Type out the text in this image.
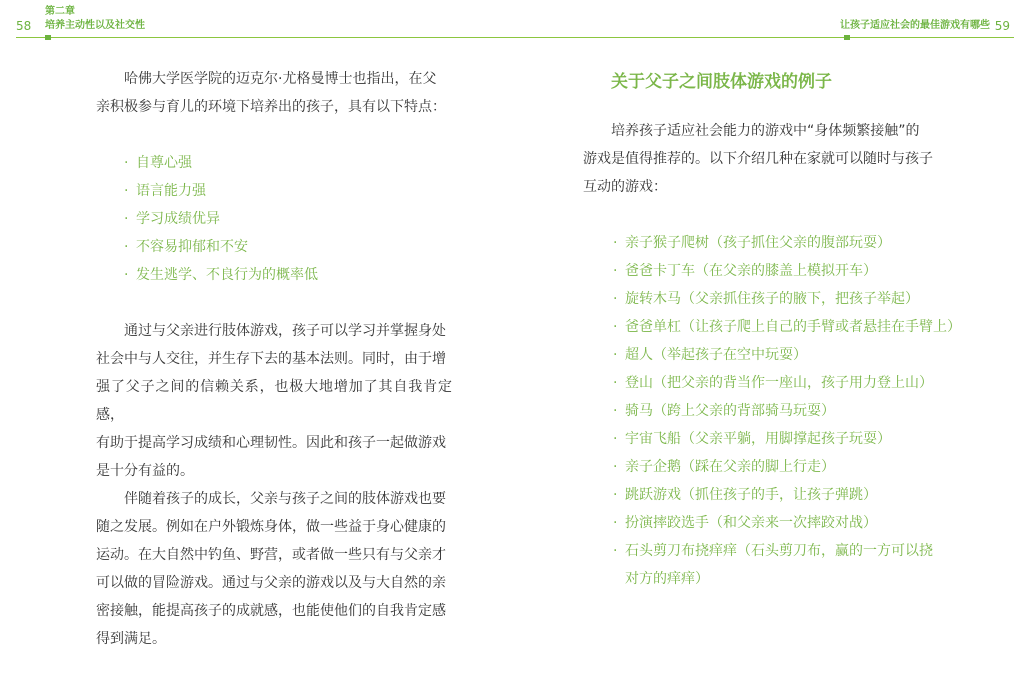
58
第二章
培养主动性以及社交性	让孩子适应社会的最佳游戏有哪些 59

哈佛大学医学院的迈克尔·尤格曼博士也指出，在父
亲积极参与育儿的环境下培养出的孩子，具有以下特点：

· 自尊心强
· 语言能力强
· 学习成绩优异
· 不容易抑郁和不安
· 发生逃学、不良行为的概率低

通过与父亲进行肢体游戏，孩子可以学习并掌握身处
社会中与人交往，并生存下去的基本法则。同时，由于增
强了父子之间的信赖关系，也极大地增加了其自我肯定感，
有助于提高学习成绩和心理韧性。因此和孩子一起做游戏
是十分有益的。

伴随着孩子的成长，父亲与孩子之间的肢体游戏也要
随之发展。例如在户外锻炼身体，做一些益于身心健康的
运动。在大自然中钓鱼、野营，或者做一些只有与父亲才
可以做的冒险游戏。通过与父亲的游戏以及与大自然的亲
密接触，能提高孩子的成就感，也能使他们的自我肯定感
得到满足。

关于父子之间肢体游戏的例子

培养孩子适应社会能力的游戏中“身体频繁接触”的
游戏是值得推荐的。以下介绍几种在家就可以随时与孩子
互动的游戏：

· 亲子猴子爬树（孩子抓住父亲的腹部玩耍）
· 爸爸卡丁车（在父亲的膝盖上模拟开车）
· 旋转木马（父亲抓住孩子的腋下，把孩子举起）
· 爸爸单杠（让孩子爬上自己的手臂或者悬挂在手臂上）
· 超人（举起孩子在空中玩耍）
· 登山（把父亲的背当作一座山，孩子用力登上山）
· 骑马（跨上父亲的背部骑马玩耍）
· 宇宙飞船（父亲平躺，用脚撑起孩子玩耍）
· 亲子企鹅（踩在父亲的脚上行走）
· 跳跃游戏（抓住孩子的手，让孩子弹跳）
· 扮演摔跤选手（和父亲来一次摔跤对战）
· 石头剪刀布挠痒痒（石头剪刀布，赢的一方可以挠

对方的痒痒）
